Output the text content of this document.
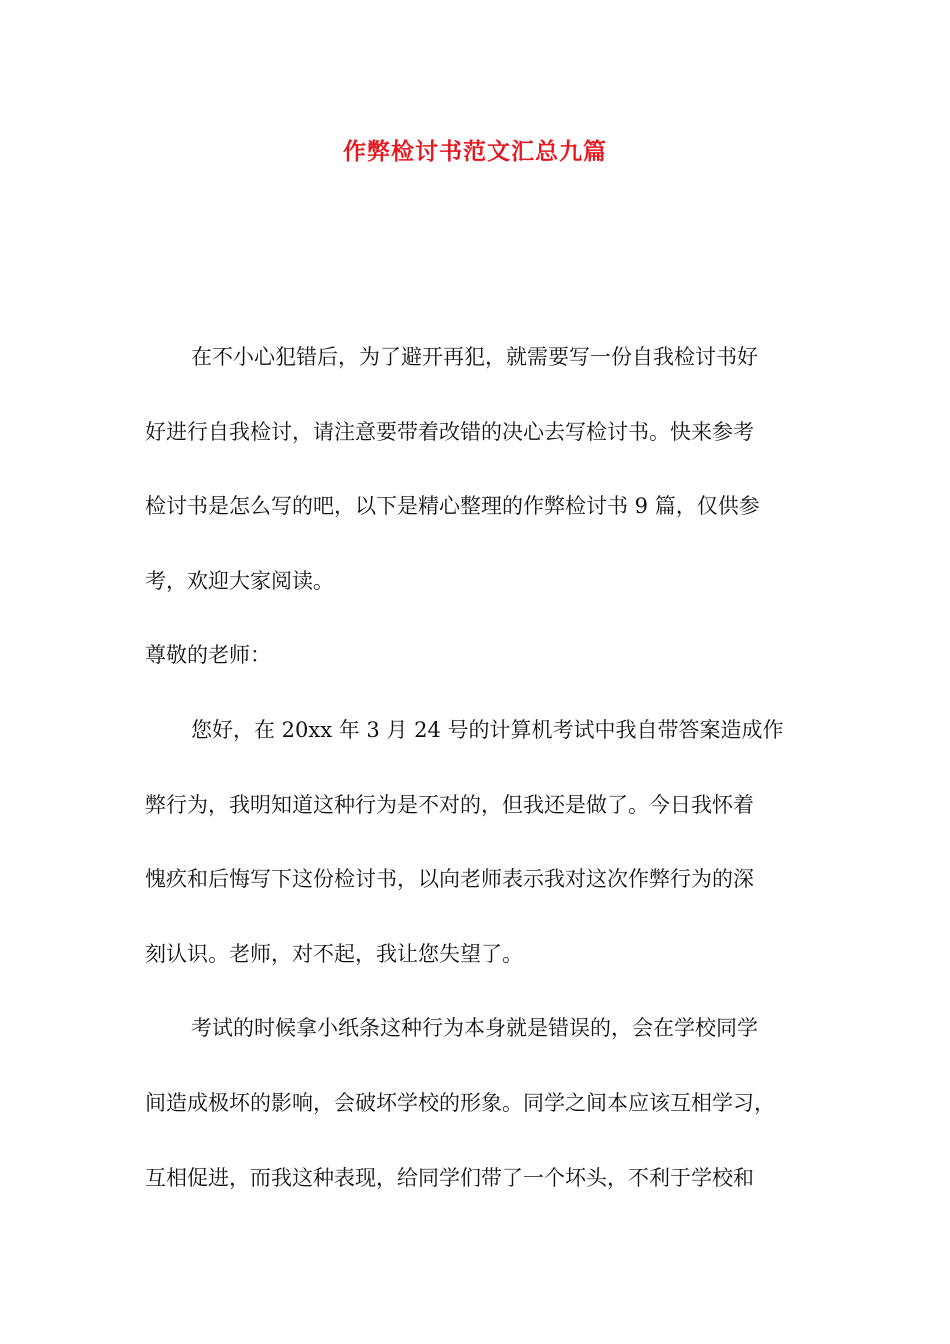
作弊检讨书范文汇总九篇
在不小心犯错后，为了避开再犯，就需要写一份自我检讨书好
好进行自我检讨，请注意要带着改错的决心去写检讨书。快来参考
检讨书是怎么写的吧，以下是精心整理的作弊检讨书 9 篇，仅供参
考，欢迎大家阅读。
尊敬的老师：
您好，在 20xx 年 3 月 24 号的计算机考试中我自带答案造成作
弊行为，我明知道这种行为是不对的，但我还是做了。今日我怀着
愧疚和后悔写下这份检讨书，以向老师表示我对这次作弊行为的深
刻认识。老师，对不起，我让您失望了。
考试的时候拿小纸条这种行为本身就是错误的，会在学校同学
间造成极坏的影响，会破坏学校的形象。同学之间本应该互相学习，
互相促进，而我这种表现，给同学们带了一个坏头，不利于学校和
